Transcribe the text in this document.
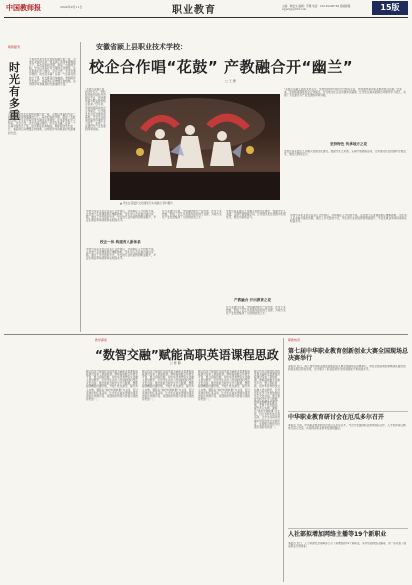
中国教师报	2024年9月11日	职业教育	主编：韩世文 编辑：苏雅 电话：010-82296784 投稿邮箱：zgjszxjy@163.com	15版
职教随笔
时光有多重
大班时光是学生在校时间最长的一段，对他们来说时光是一段充满了希望和憧憬的日子。每次迎来新学期，都是一次新的开始。学生们带着好奇与期待走进课堂，在这里他们学习知识，学会合作，也学会面对挫折。时光有多重？在每一个认真对待的日子里，时光都是沉甸甸的。教师陪伴学生成长，看着他们从懵懂走向成熟，这份陪伴本身就是时光最重的分量。
大班时光是学生在校时间最长的一段，对他们来说时光是一段充满了希望和憧憬的日子。每次迎来新学期，都是一次新的开始。学生们带着好奇与期待走进课堂，在这里他们学习知识，学会合作，也学会面对挫折。时光有多重？在每一个认真对待的日子里，时光都是沉甸甸的。教师陪伴学生成长，看着他们从懵懂走向成熟，这份陪伴本身就是时光最重的分量。
安徽省颍上县职业技术学校：
校企合作唱“花鼓” 产教融合开“幽兰”
□ 王 珊
“花鼓灯是颍上县的文化名片，学校依托地方特色开设相关专业，把非遗传承与职业教育结合起来。”近年来，学校积极探索校企合作模式，与当地文化企业共建实训基地，让学生在真实的演出环境中学习技艺，实现了专业建设与产业发展的同频共振。
▲ 学生在花鼓灯文化园进行实训演出 资料图片
“花鼓灯是颍上县的文化名片，学校依托地方特色开设相关专业，把非遗传承与职业教育结合起来。”近年来，学校积极探索校企合作模式，与当地文化企业共建实训基地，让学生在真实的演出环境中学习技艺，实现了专业建设与产业发展的同频共振。
坚持特色 传承地方之花
学校还将花鼓灯艺术融入校园文化建设，组建学生艺术团，定期开展展演活动，让非遗文化在校园中生根发芽，焕发出新的活力。
学校与多家文化企业签订合作协议，共同制定人才培养方案，企业骨干走进课堂担任兼职教师，学生进入企业参与演出实践。通过工学交替的方式，学生的专业技能得到明显提升，毕业生就业率持续保持在较高水平。
校企一体 构建育人新体系
学校与多家文化企业签订合作协议，共同制定人才培养方案，企业骨干走进课堂担任兼职教师，学生进入企业参与演出实践。通过工学交替的方式，学生的专业技能得到明显提升，毕业生就业率持续保持在较高水平。
在专业建设方面，学校围绕地方产业需求，优化专业结构，形成了以艺术表演为特色的专业群，为地方文化产业发展输送了大批技能型人才。
学校还将花鼓灯艺术融入校园文化建设，组建学生艺术团，定期开展展演活动，让非遗文化在校园中生根发芽，焕发出新的活力。
产教融合 开出教育之花
在专业建设方面，学校围绕地方产业需求，优化专业结构，形成了以艺术表演为特色的专业群，为地方文化产业发展输送了大批技能型人才。
学校与多家文化企业签订合作协议，共同制定人才培养方案，企业骨干走进课堂担任兼职教师，学生进入企业参与演出实践。通过工学交替的方式，学生的专业技能得到明显提升，毕业生就业率持续保持在较高水平。
教学探索
“数智交融”赋能高职英语课程思政
□ 陈 静
数字技术与智能技术的发展为高职英语课程思政建设带来了新的机遇。教师借助数字化教学平台，整合思政资源，将中华优秀传统文化融入语言教学，引导学生在学习外语的同时坚定文化自信。通过智能分析学生学习数据，教师能够精准把握学情，开展个性化教学，提升育人实效。课程以“讲好中国故事”为主线，设计多样化的任务活动，让学生在真实语境中用英语表达中国声音，实现知识传授与价值引领的有机统一。
数字技术与智能技术的发展为高职英语课程思政建设带来了新的机遇。教师借助数字化教学平台，整合思政资源，将中华优秀传统文化融入语言教学，引导学生在学习外语的同时坚定文化自信。通过智能分析学生学习数据，教师能够精准把握学情，开展个性化教学，提升育人实效。课程以“讲好中国故事”为主线，设计多样化的任务活动，让学生在真实语境中用英语表达中国声音，实现知识传授与价值引领的有机统一。
数字技术与智能技术的发展为高职英语课程思政建设带来了新的机遇。教师借助数字化教学平台，整合思政资源，将中华优秀传统文化融入语言教学，引导学生在学习外语的同时坚定文化自信。通过智能分析学生学习数据，教师能够精准把握学情，开展个性化教学，提升育人实效。课程以“讲好中国故事”为主线，设计多样化的任务活动，让学生在真实语境中用英语表达中国声音，实现知识传授与价值引领的有机统一。
数字技术与智能技术的发展为高职英语课程思政建设带来了新的机遇。教师借助数字化教学平台，整合思政资源，将中华优秀传统文化融入语言教学，引导学生在学习外语的同时坚定文化自信。通过智能分析学生学习数据，教师能够精准把握学情，开展个性化教学，提升育人实效。课程以“讲好中国故事”为主线，设计多样化的任务活动，让学生在真实语境中用英语表达中国声音，实现知识传授与价值引领的有机统一。
职教快讯
第七届中华职业教育创新创业大赛全国现场总决赛举行
本报讯 近日，第七届中华职业教育创新创业大赛全国现场总决赛举行，来自全国各地的参赛团队围绕创新创业项目同台竞技，充分展示了职业院校学生的创新能力和实践水平。
中华职业教育研讨会在厄瓜多尔召开
本报讯 日前，中华职业教育研讨会在厄瓜多尔召开，与会代表围绕职业教育国际合作、人才培养等议题进行深入交流，共同探讨职业教育发展新路径。
人社部拟增加网络主播等19个新职业
本报讯 近日，人力资源社会保障部公示了拟增加的19个新职业，其中包括网络主播等，进一步完善了国家职业分类体系。
